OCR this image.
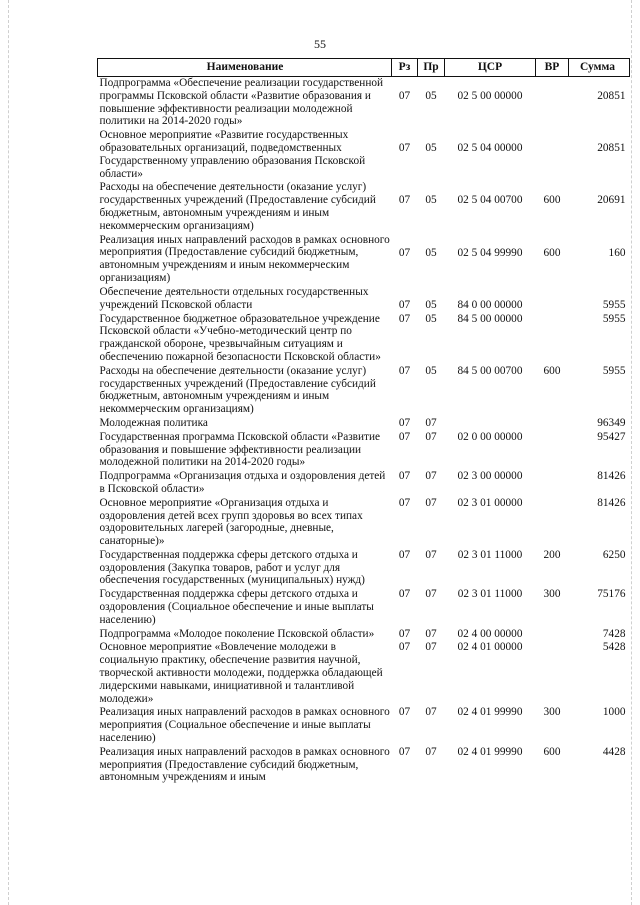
55
Наименование	Рз	Пр	ЦСР	ВР	Сумма
Подпрограмма «Обеспечение реализации государственной программы Псковской области «Развитие образования и повышение эффективности реализации молодежной политики на 2014-2020 годы»	07	05	02 5 00 00000		20851
Основное мероприятие «Развитие государственных образовательных организаций, подведомственных Государственному управлению образования Псковской области»	07	05	02 5 04 00000		20851
Расходы на обеспечение деятельности (оказание услуг) государственных учреждений (Предоставление субсидий бюджетным, автономным учреждениям и иным некоммерческим организациям)	07	05	02 5 04 00700	600	20691
Реализация иных направлений расходов в рамках основного мероприятия (Предоставление субсидий бюджетным, автономным учреждениям и иным некоммерческим организациям)	07	05	02 5 04 99990	600	160
Обеспечение деятельности отдельных государственных учреждений Псковской области	07	05	84 0 00 00000		5955
Государственное бюджетное образовательное учреждение Псковской области «Учебно-методический центр по гражданской обороне, чрезвычайным ситуациям и обеспечению пожарной безопасности Псковской области»	07	05	84 5 00 00000		5955
Расходы на обеспечение деятельности (оказание услуг) государственных учреждений (Предоставление субсидий бюджетным, автономным учреждениям и иным некоммерческим организациям)	07	05	84 5 00 00700	600	5955
Молодежная политика	07	07			96349
Государственная программа Псковской области «Развитие образования и повышение эффективности реализации молодежной политики на 2014-2020 годы»	07	07	02 0 00 00000		95427
Подпрограмма «Организация отдыха и оздоровления детей в Псковской области»	07	07	02 3 00 00000		81426
Основное мероприятие «Организация отдыха и оздоровления детей всех групп здоровья во всех типах оздоровительных лагерей (загородные, дневные, санаторные)»	07	07	02 3 01 00000		81426
Государственная поддержка сферы детского отдыха и оздоровления (Закупка товаров, работ и услуг для обеспечения государственных (муниципальных) нужд)	07	07	02 3 01 11000	200	6250
Государственная поддержка сферы детского отдыха и оздоровления (Социальное обеспечение и иные выплаты населению)	07	07	02 3 01 11000	300	75176
Подпрограмма «Молодое поколение Псковской области»	07	07	02 4 00 00000		7428
Основное мероприятие «Вовлечение молодежи в социальную практику, обеспечение развития научной, творческой активности молодежи, поддержка обладающей лидерскими навыками, инициативной и талантливой молодежи»	07	07	02 4 01 00000		5428
Реализация иных направлений расходов в рамках основного мероприятия (Социальное обеспечение и иные выплаты населению)	07	07	02 4 01 99990	300	1000
Реализация иных направлений расходов в рамках основного мероприятия (Предоставление субсидий бюджетным, автономным учреждениям и иным	07	07	02 4 01 99990	600	4428
